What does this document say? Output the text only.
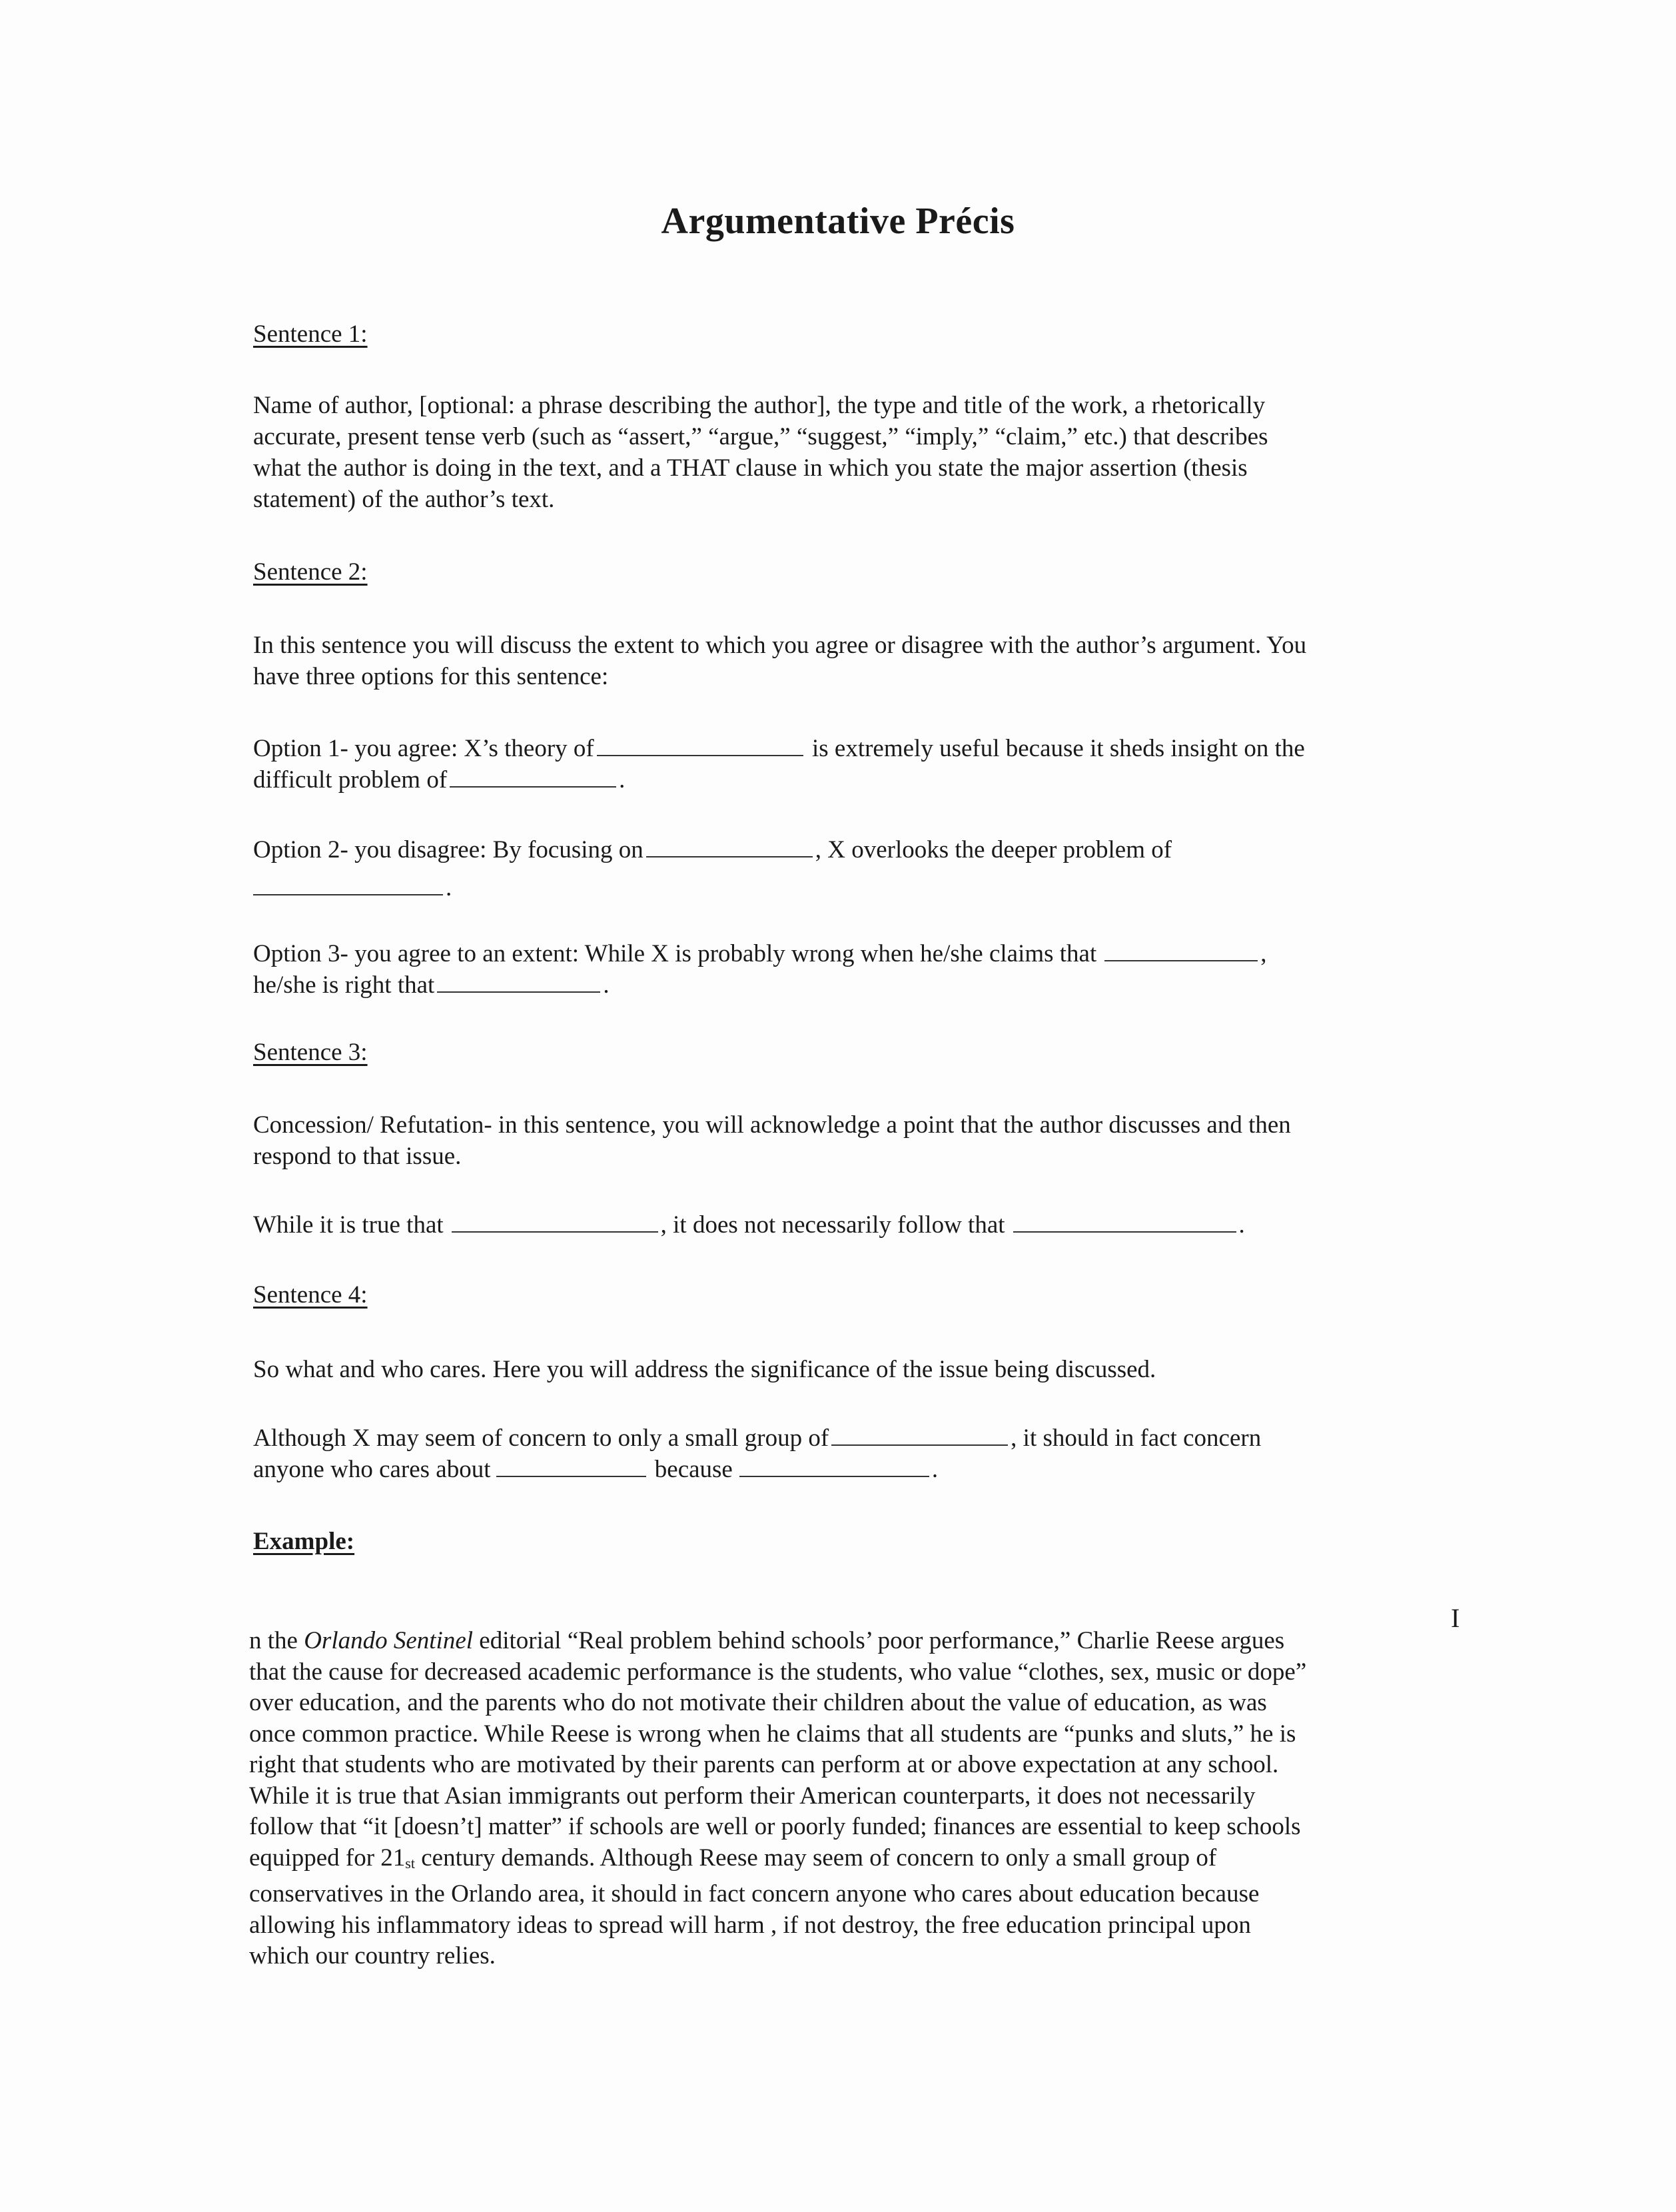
Argumentative Précis
Sentence 1:
Name of author, [optional: a phrase describing the author], the type and title of the work, a rhetorically
accurate, present tense verb (such as “assert,” “argue,” “suggest,” “imply,” “claim,” etc.) that describes
what the author is doing in the text, and a THAT clause in which you state the major assertion (thesis
statement) of the author’s text.
Sentence 2:
In this sentence you will discuss the extent to which you agree or disagree with the author’s argument. You
have three options for this sentence:
Option 1- you agree: X’s theory of	is extremely useful because it sheds insight on the
difficult problem of	.
Option 2- you disagree: By focusing on	, X overlooks the deeper problem of
.
Option 3- you agree to an extent: While X is probably wrong when he/she claims that	,
he/she is right that	.
Sentence 3:
Concession/ Refutation- in this sentence, you will acknowledge a point that the author discusses and then
respond to that issue.
While it is true that	, it does not necessarily follow that	.
Sentence 4:
So what and who cares. Here you will address the significance of the issue being discussed.
Although X may seem of concern to only a small group of	, it should in fact concern
anyone who cares about	because	.
Example:
I
n the Orlando Sentinel editorial “Real problem behind schools’ poor performance,” Charlie Reese argues
that the cause for decreased academic performance is the students, who value “clothes, sex, music or dope”
over education, and the parents who do not motivate their children about the value of education, as was
once common practice. While Reese is wrong when he claims that all students are “punks and sluts,” he is
right that students who are motivated by their parents can perform at or above expectation at any school.
While it is true that Asian immigrants out perform their American counterparts, it does not necessarily
follow that “it [doesn’t] matter” if schools are well or poorly funded; finances are essential to keep schools
equipped for $21_{st}$ century demands. Although Reese may seem of concern to only a small group of
conservatives in the Orlando area, it should in fact concern anyone who cares about education because
allowing his inflammatory ideas to spread will harm , if not destroy, the free education principal upon
which our country relies.
